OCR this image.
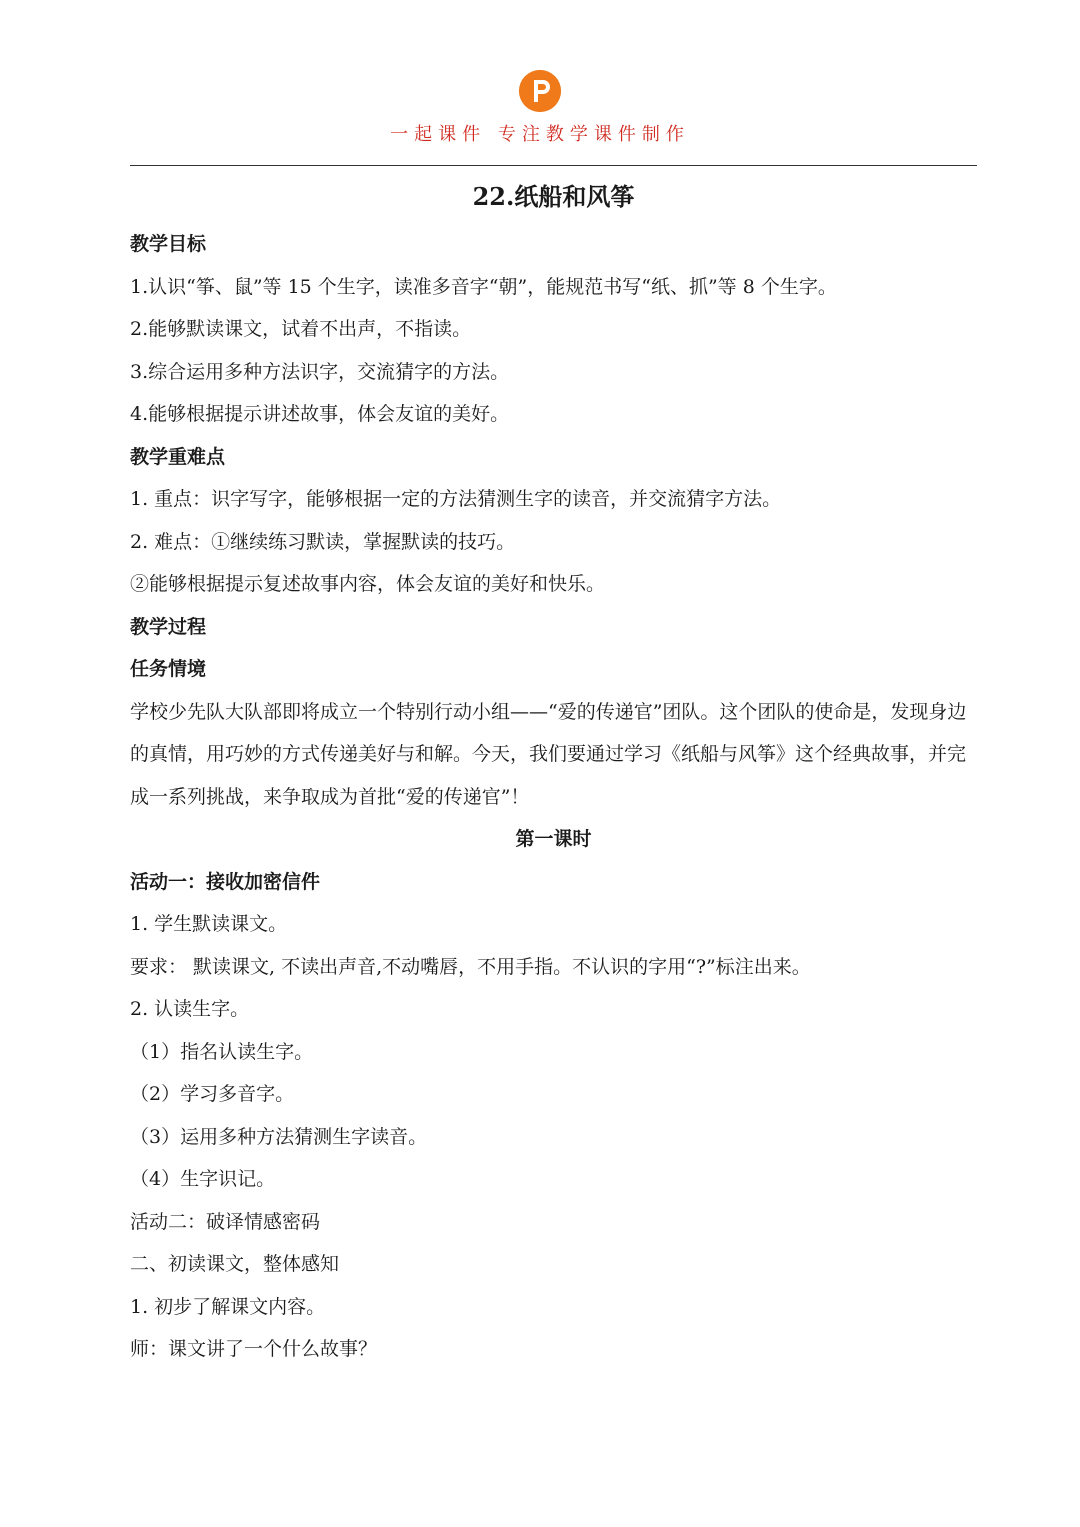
一起课件 专注教学课件制作
22.纸船和风筝
教学目标
1.认识“筝、鼠”等 15 个生字，读准多音字“朝”，能规范书写“纸、抓”等 8 个生字。
2.能够默读课文，试着不出声，不指读。
3.综合运用多种方法识字，交流猜字的方法。
4.能够根据提示讲述故事，体会友谊的美好。
教学重难点
1. 重点：识字写字，能够根据一定的方法猜测生字的读音，并交流猜字方法。
2. 难点：①继续练习默读，掌握默读的技巧。
②能够根据提示复述故事内容，体会友谊的美好和快乐。
教学过程
任务情境
学校少先队大队部即将成立一个特别行动小组——“爱的传递官”团队。这个团队的使命是，发现身边的真情，用巧妙的方式传递美好与和解。今天，我们要通过学习《纸船与风筝》这个经典故事，并完成一系列挑战，来争取成为首批“爱的传递官”！
第一课时
活动一：接收加密信件
1. 学生默读课文。
要求： 默读课文, 不读出声音,不动嘴唇，不用手指。不认识的字用“?”标注出来。
2. 认读生字。
（1）指名认读生字。
（2）学习多音字。
（3）运用多种方法猜测生字读音。
（4）生字识记。
活动二：破译情感密码
二、初读课文，整体感知
1. 初步了解课文内容。
师：课文讲了一个什么故事？
